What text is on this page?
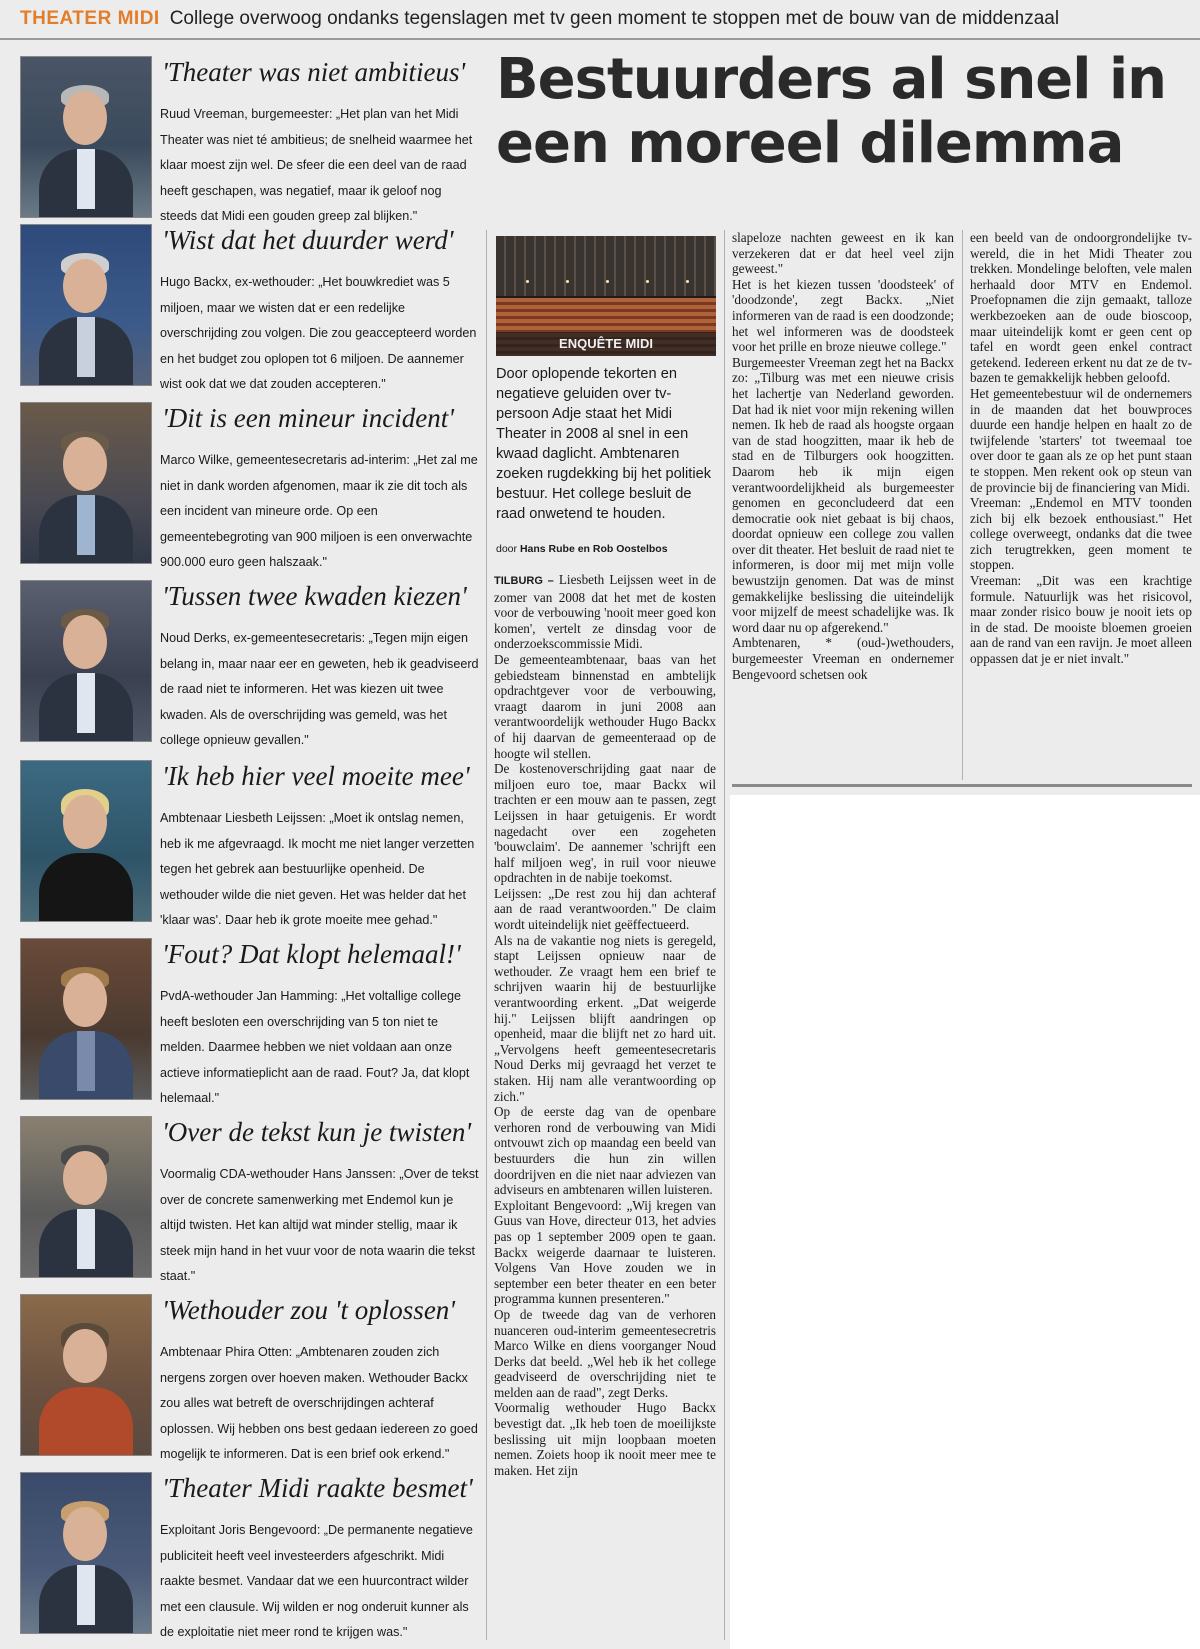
THEATER MIDI College overwoog ondanks tegenslagen met tv geen moment te stoppen met de bouw van de middenzaal
Bestuurders al snel in
een moreel dilemma

'Theater was niet ambitieus'

Ruud Vreeman, burgemeester: „Het plan van het Midi Theater was niet té ambitieus; de snelheid waarmee het klaar moest zijn wel. De sfeer die een deel van de raad heeft geschapen, was negatief, maar ik geloof nog steeds dat Midi een gouden greep zal blijken."

'Wist dat het duurder werd'

Hugo Backx, ex-wethouder: „Het bouwkrediet was 5 miljoen, maar we wisten dat er een redelijke overschrijding zou volgen. Die zou geaccepteerd worden en het budget zou oplopen tot 6 miljoen. De aannemer wist ook dat we dat zouden accepteren."

'Dit is een mineur incident'

Marco Wilke, gemeentesecretaris ad-interim: „Het zal me niet in dank worden afgenomen, maar ik zie dit toch als een incident van mineure orde. Op een gemeentebegroting van 900 miljoen is een onverwachte 900.000 euro geen halszaak."

'Tussen twee kwaden kiezen'

Noud Derks, ex-gemeentesecretaris: „Tegen mijn eigen belang in, maar naar eer en geweten, heb ik geadviseerd de raad niet te informeren. Het was kiezen uit twee kwaden. Als de overschrijding was gemeld, was het college opnieuw gevallen."

'Ik heb hier veel moeite mee'

Ambtenaar Liesbeth Leijssen: „Moet ik ontslag nemen, heb ik me afgevraagd. Ik mocht me niet langer verzetten tegen het gebrek aan bestuurlijke openheid. De wethouder wilde die niet geven. Het was helder dat het 'klaar was'. Daar heb ik grote moeite mee gehad."

'Fout? Dat klopt helemaal!'

PvdA-wethouder Jan Hamming: „Het voltallige college heeft besloten een overschrijding van 5 ton niet te melden. Daarmee hebben we niet voldaan aan onze actieve informatieplicht aan de raad. Fout? Ja, dat klopt helemaal."

'Over de tekst kun je twisten'

Voormalig CDA-wethouder Hans Janssen: „Over de tekst over de concrete samenwerking met Endemol kun je altijd twisten. Het kan altijd wat minder stellig, maar ik steek mijn hand in het vuur voor de nota waarin die tekst staat."

'Wethouder zou 't oplossen'

Ambtenaar Phira Otten: „Ambtenaren zouden zich nergens zorgen over hoeven maken. Wethouder Backx zou alles wat betreft de overschrijdingen achteraf oplossen. Wij hebben ons best gedaan iedereen zo goed mogelijk te informeren. Dat is een brief ook erkend."

'Theater Midi raakte besmet'

Exploitant Joris Bengevoord: „De permanente negatieve publiciteit heeft veel investeerders afgeschrikt. Midi raakte besmet. Vandaar dat we een huurcontract wilder met een clausule. Wij wilden er nog onderuit kunner als de exploitatie niet meer rond te krijgen was."

ENQUÊTE MIDI

Door oplopende tekorten en negatieve geluiden over tv-persoon Adje staat het Midi Theater in 2008 al snel in een kwaad daglicht. Ambtenaren zoeken rugdekking bij het politiek bestuur. Het college besluit de raad onwetend te houden.

door Hans Rube en Rob Oostelbos

TILBURG – Liesbeth Leijssen weet in de zomer van 2008 dat het met de kosten voor de verbouwing 'nooit meer goed kon komen', vertelt ze dinsdag voor de onderzoekscommissie Midi.

De gemeenteambtenaar, baas van het gebiedsteam binnenstad en ambtelijk opdrachtgever voor de verbouwing, vraagt daarom in juni 2008 aan verantwoordelijk wethouder Hugo Backx of hij daarvan de gemeenteraad op de hoogte wil stellen.

De kostenoverschrijding gaat naar de miljoen euro toe, maar Backx wil trachten er een mouw aan te passen, zegt Leijssen in haar getuigenis. Er wordt nagedacht over een zogeheten 'bouwclaim'. De aannemer 'schrijft een half miljoen weg', in ruil voor nieuwe opdrachten in de nabije toekomst.

Leijssen: „De rest zou hij dan achteraf aan de raad verantwoorden." De claim wordt uiteindelijk niet geëffectueerd.

Als na de vakantie nog niets is geregeld, stapt Leijssen opnieuw naar de wethouder. Ze vraagt hem een brief te schrijven waarin hij de bestuurlijke verantwoording erkent. „Dat weigerde hij." Leijssen blijft aandringen op openheid, maar die blijft net zo hard uit. „Vervolgens heeft gemeentesecretaris Noud Derks mij gevraagd het verzet te staken. Hij nam alle verantwoording op zich."

Op de eerste dag van de openbare verhoren rond de verbouwing van Midi ontvouwt zich op maandag een beeld van bestuurders die hun zin willen doordrijven en die niet naar adviezen van adviseurs en ambtenaren willen luisteren.

Exploitant Bengevoord: „Wij kregen van Guus van Hove, directeur 013, het advies pas op 1 september 2009 open te gaan. Backx weigerde daarnaar te luisteren. Volgens Van Hove zouden we in september een beter theater en een beter programma kunnen presenteren."

Op de tweede dag van de verhoren nuanceren oud-interim gemeentesecretris Marco Wilke en diens voorganger Noud Derks dat beeld. „Wel heb ik het college geadviseerd de overschrijding niet te melden aan de raad", zegt Derks.

Voormalig wethouder Hugo Backx bevestigt dat. „Ik heb toen de moeilijkste beslissing uit mijn loopbaan moeten nemen. Zoiets hoop ik nooit meer mee te maken. Het zijn

slapeloze nachten geweest en ik kan verzekeren dat er dat heel veel zijn geweest."

Het is het kiezen tussen 'doodsteek' of 'doodzonde', zegt Backx. „Niet informeren van de raad is een doodzonde; het wel informeren was de doodsteek voor het prille en broze nieuwe college."

Burgemeester Vreeman zegt het na Backx zo: „Tilburg was met een nieuwe crisis het lachertje van Nederland geworden. Dat had ik niet voor mijn rekening willen nemen. Ik heb de raad als hoogste orgaan van de stad hoogzitten, maar ik heb de stad en de Tilburgers ook hoogzitten. Daarom heb ik mijn eigen verantwoordelijkheid als burgemeester genomen en geconcludeerd dat een democratie ook niet gebaat is bij chaos, doordat opnieuw een college zou vallen over dit theater. Het besluit de raad niet te informeren, is door mij met mijn volle bewustzijn genomen. Dat was de minst gemakkelijke beslissing die uiteindelijk voor mijzelf de meest schadelijke was. Ik word daar nu op afgerekend."

Ambtenaren, * (oud-)wethouders, burgemeester Vreeman en ondernemer Bengevoord schetsen ook

een beeld van de ondoorgrondelijke tv-wereld, die in het Midi Theater zou trekken. Mondelinge beloften, vele malen herhaald door MTV en Endemol. Proefopnamen die zijn gemaakt, talloze werkbezoeken aan de oude bioscoop, maar uiteindelijk komt er geen cent op tafel en wordt geen enkel contract getekend. Iedereen erkent nu dat ze de tv-bazen te gemakkelijk hebben geloofd.

Het gemeentebestuur wil de ondernemers in de maanden dat het bouwproces duurde een handje helpen en haalt zo de twijfelende 'starters' tot tweemaal toe over door te gaan als ze op het punt staan te stoppen. Men rekent ook op steun van de provincie bij de financiering van Midi.

Vreeman: „Endemol en MTV toonden zich bij elk bezoek enthousiast." Het college overweegt, ondanks dat die twee zich terugtrekken, geen moment te stoppen.

Vreeman: „Dit was een krachtige formule. Natuurlijk was het risicovol, maar zonder risico bouw je nooit iets op in de stad. De mooiste bloemen groeien aan de rand van een ravijn. Je moet alleen oppassen dat je er niet invalt."
